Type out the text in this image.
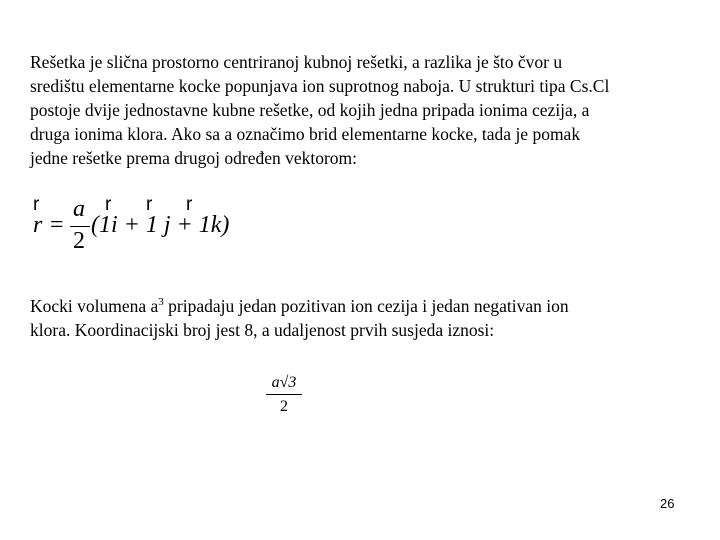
Rešetka je slična prostorno centriranoj kubnoj rešetki, a razlika je što čvor u
središtu elementarne kocke popunjava ion suprotnog naboja. U strukturi tipa Cs.Cl
postoje dvije jednostavne kubne rešetke, od kojih jedna pripada ionima cezija, a
druga ionima klora. Ako sa a označimo brid elementarne kocke, tada je pomak
jedne rešetke prema drugoj određen vektorom:
r	r r r
r =
a
2
(1i + 1 j + 1k)
Kocki volumena $a^3$ pripadaju jedan pozitivan ion cezija i jedan negativan ion
klora. Koordinacijski broj jest 8, a udaljenost prvih susjeda iznosi:
$\frac{a√3}{2}$
26
